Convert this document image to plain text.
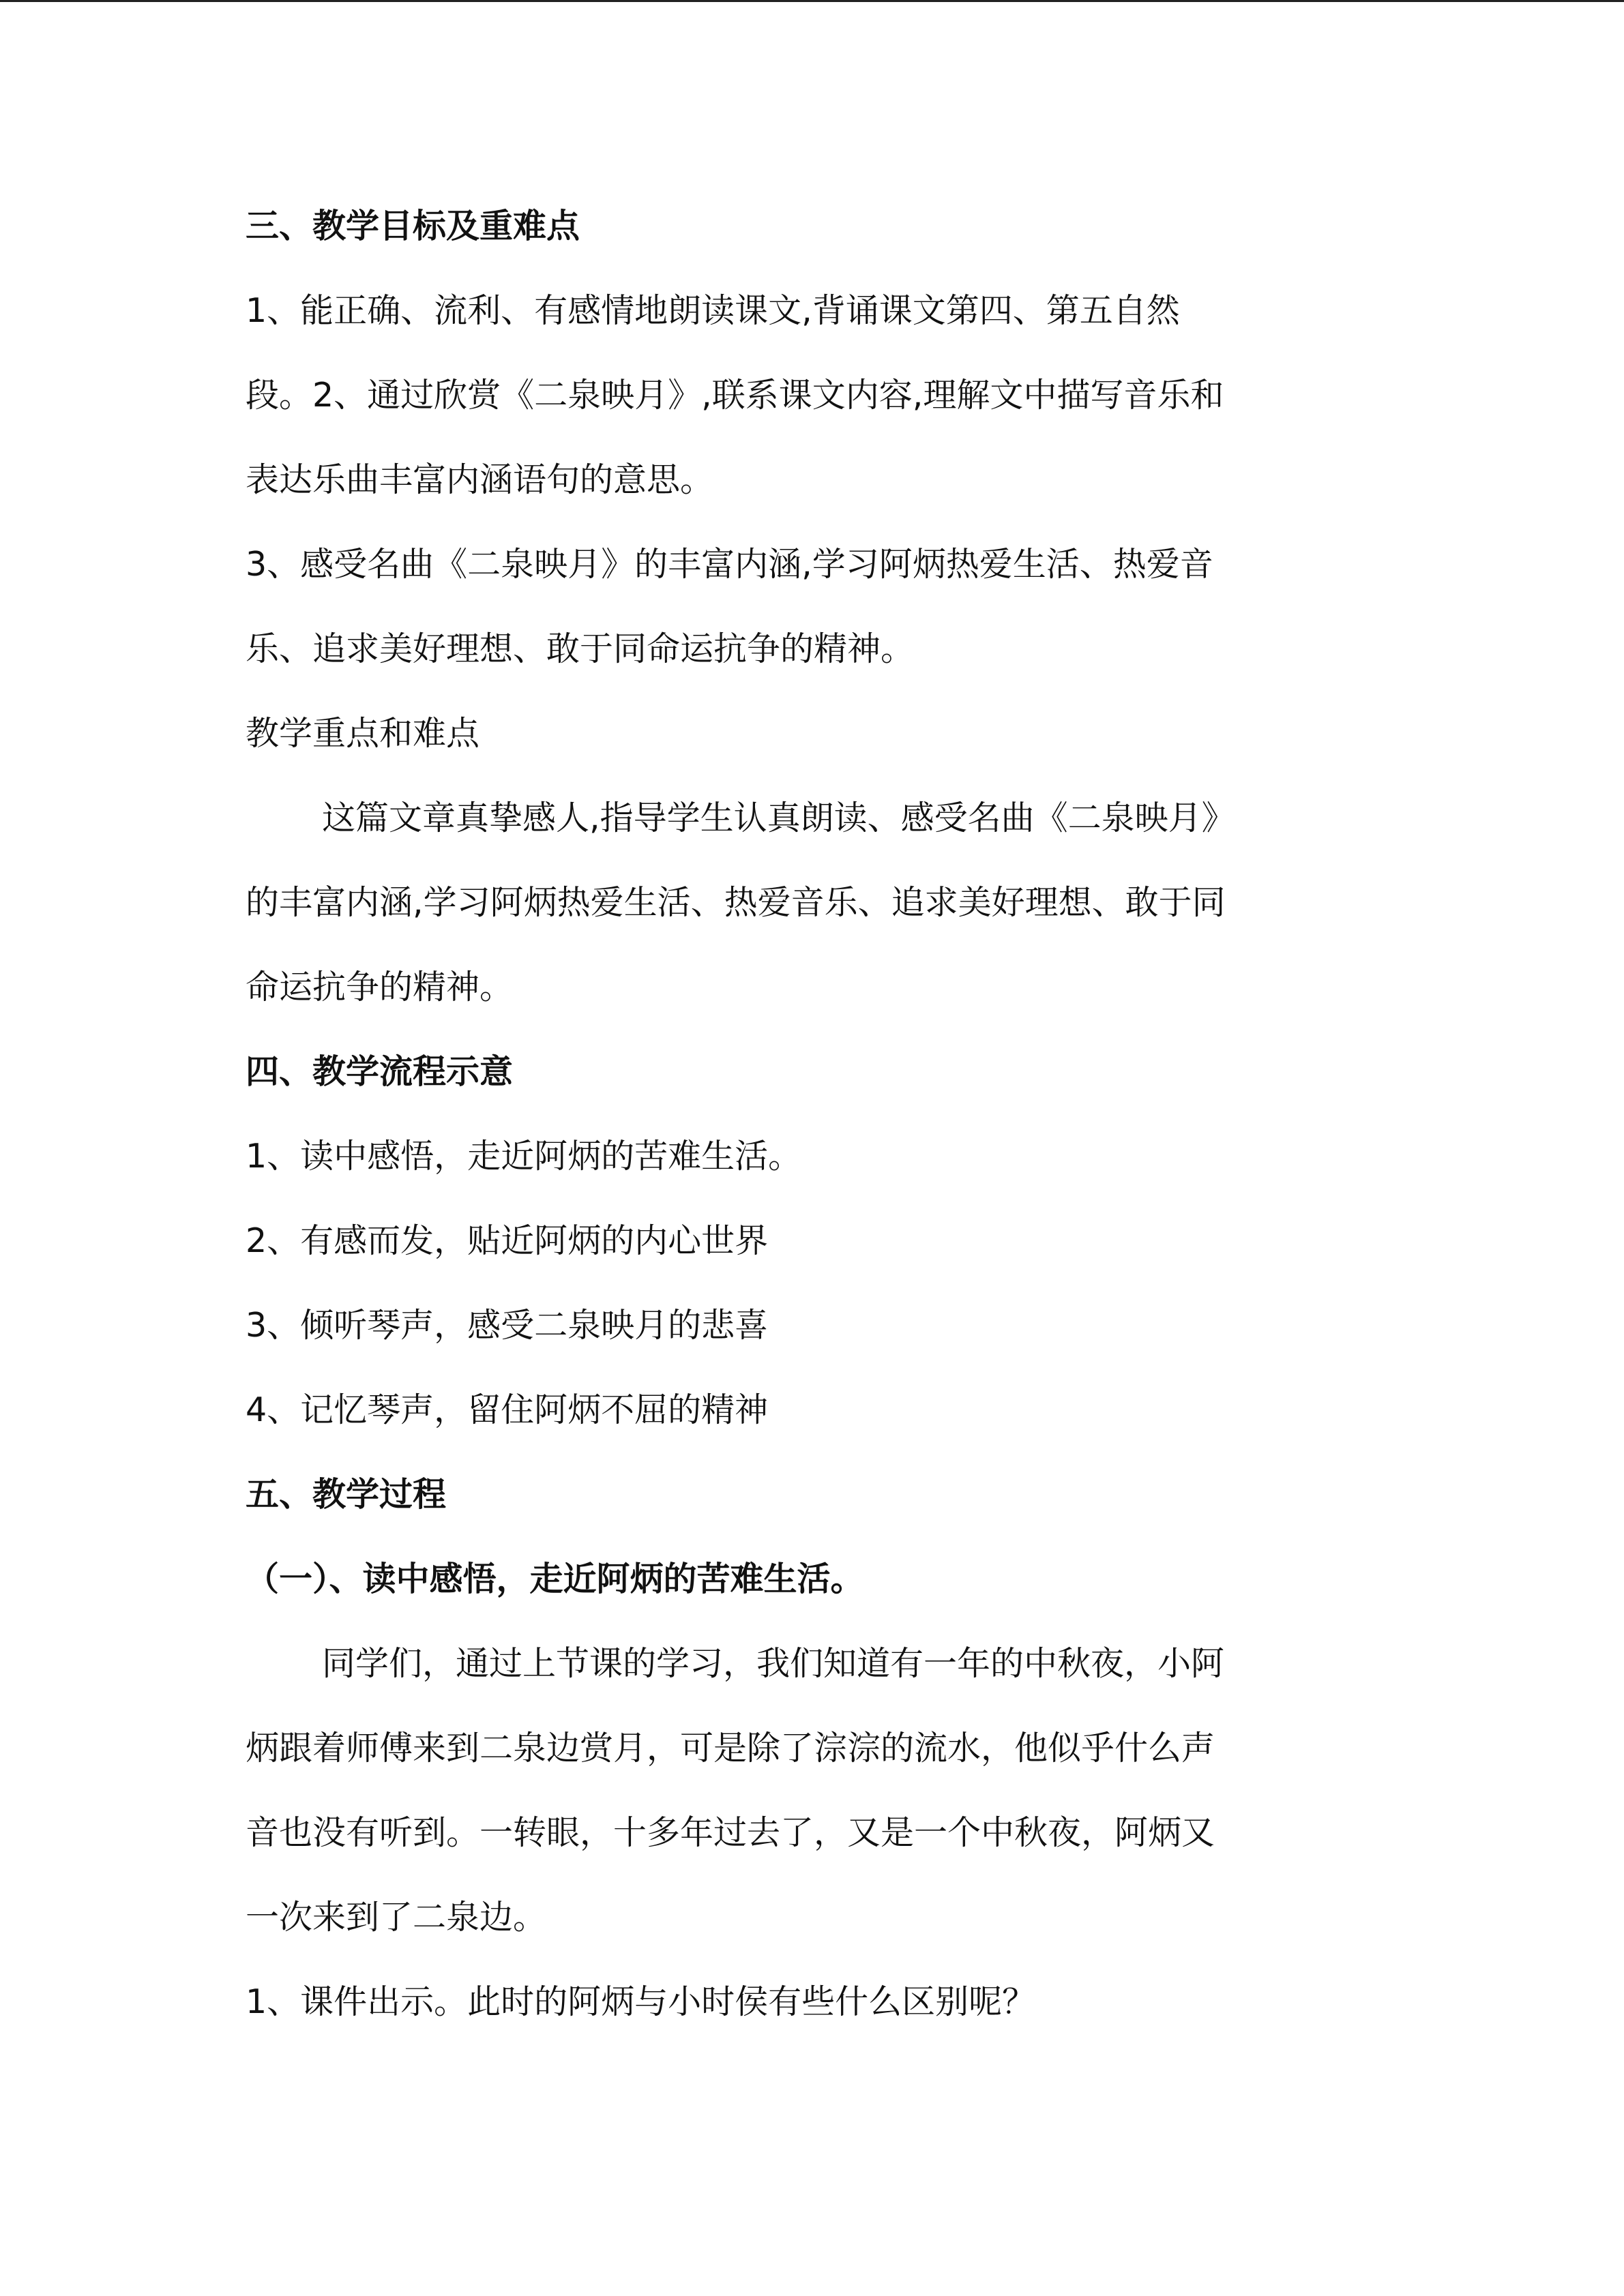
三、教学目标及重难点
1、能正确、流利、有感情地朗读课文,背诵课文第四、第五自然
段。2、通过欣赏《二泉映月》,联系课文内容,理解文中描写音乐和
表达乐曲丰富内涵语句的意思。
3、感受名曲《二泉映月》的丰富内涵,学习阿炳热爱生活、热爱音
乐、追求美好理想、敢于同命运抗争的精神。
教学重点和难点
这篇文章真挚感人,指导学生认真朗读、感受名曲《二泉映月》
的丰富内涵,学习阿炳热爱生活、热爱音乐、追求美好理想、敢于同
命运抗争的精神。
四、教学流程示意
1、读中感悟，走近阿炳的苦难生活。
2、有感而发，贴近阿炳的内心世界
3、倾听琴声，感受二泉映月的悲喜
4、记忆琴声，留住阿炳不屈的精神
五、教学过程
（一）、读中感悟，走近阿炳的苦难生活。
同学们，通过上节课的学习，我们知道有一年的中秋夜，小阿
炳跟着师傅来到二泉边赏月，可是除了淙淙的流水，他似乎什么声
音也没有听到。一转眼，十多年过去了，又是一个中秋夜，阿炳又
一次来到了二泉边。
1、课件出示。此时的阿炳与小时侯有些什么区别呢？
